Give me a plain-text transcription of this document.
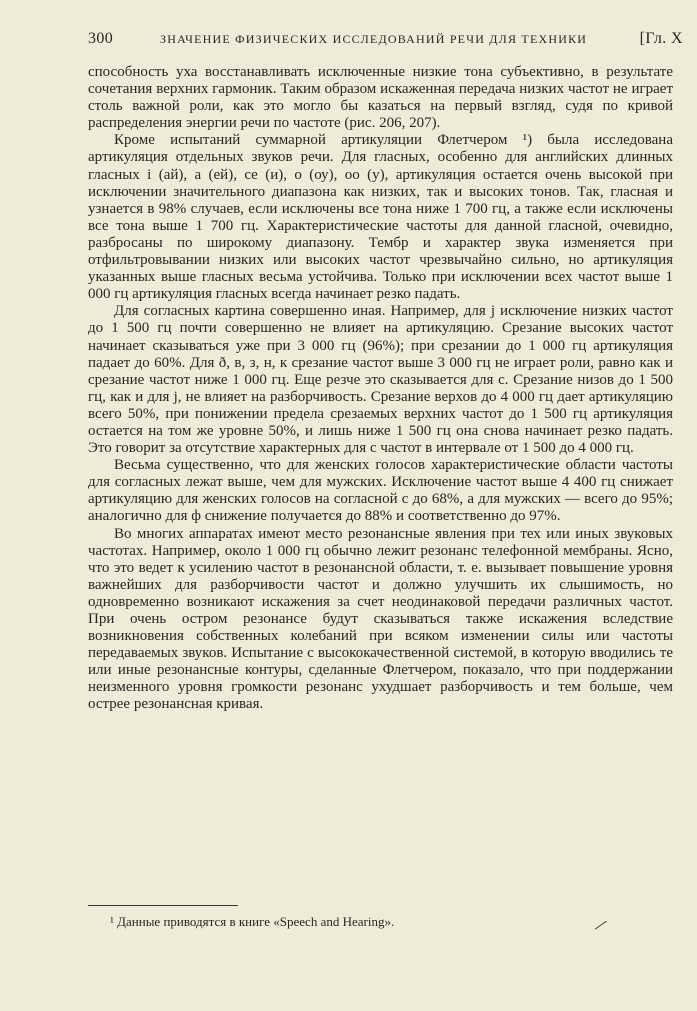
300	ЗНАЧЕНИЕ ФИЗИЧЕСКИХ ИССЛЕДОВАНИЙ РЕЧИ ДЛЯ ТЕХНИКИ	[Гл. X

способность уха восстанавливать исключенные низкие тона субъективно, в результате сочетания верхних гармоник. Таким образом искаженная передача низких частот не играет столь важной роли, как это могло бы казаться на первый взгляд, судя по кривой распределения энергии речи по частоте (рис. 206, 207).

Кроме испытаний суммарной артикуляции Флетчером ¹) была исследована артикуляция отдельных звуков речи. Для гласных, особенно для английских длинных гласных i (ай), а (ей), се (и), о (оу), оо (у), артикуляция остается очень высокой при исключении значительного диапазона как низких, так и высоких тонов. Так, гласная и узнается в 98% случаев, если исключены все тона ниже 1 700 гц, а также если исключены все тона выше 1 700 гц. Характеристические частоты для данной гласной, очевидно, разбросаны по широкому диапазону. Тембр и характер звука изменяется при отфильтровывании низких или высоких частот чрезвычайно сильно, но артикуляция указанных выше гласных весьма устойчива. Только при исключении всех частот выше 1 000 гц артикуляция гласных всегда начинает резко падать.

Для согласных картина совершенно иная. Например, для j исключение низких частот до 1 500 гц почти совершенно не влияет на артикуляцию. Срезание высоких частот начинает сказываться уже при 3 000 гц (96%); при срезании до 1 000 гц артикуляция падает до 60%. Для ð, в, з, н, к срезание частот выше 3 000 гц не играет роли, равно как и срезание частот ниже 1 000 гц. Еще резче это сказывается для с. Срезание низов до 1 500 гц, как и для j, не влияет на разборчивость. Срезание верхов до 4 000 гц дает артикуляцию всего 50%, при понижении предела срезаемых верхних частот до 1 500 гц артикуляция остается на том же уровне 50%, и лишь ниже 1 500 гц она снова начинает резко падать. Это говорит за отсутствие характерных для с частот в интервале от 1 500 до 4 000 гц.

Весьма существенно, что для женских голосов характеристические области частоты для согласных лежат выше, чем для мужских. Исключение частот выше 4 400 гц снижает артикуляцию для женских голосов на согласной с до 68%, а для мужских — всего до 95%; аналогично для ф снижение получается до 88% и соответственно до 97%.

Во многих аппаратах имеют место резонансные явления при тех или иных звуковых частотах. Например, около 1 000 гц обычно лежит резонанс телефонной мембраны. Ясно, что это ведет к усилению частот в резонансной области, т. е. вызывает повышение уровня важнейших для разборчивости частот и должно улучшить их слышимость, но одновременно возникают искажения за счет неодинаковой передачи различных частот. При очень остром резонансе будут сказываться также искажения вследствие возникновения собственных колебаний при всяком изменении силы или частоты передаваемых звуков. Испытание с высококачественной системой, в которую вводились те или иные резонансные контуры, сделанные Флетчером, показало, что при поддержании неизменного уровня громкости резонанс ухудшает разборчивость и тем больше, чем острее резонансная кривая.

¹ Данные приводятся в книге «Speech and Hearing».
